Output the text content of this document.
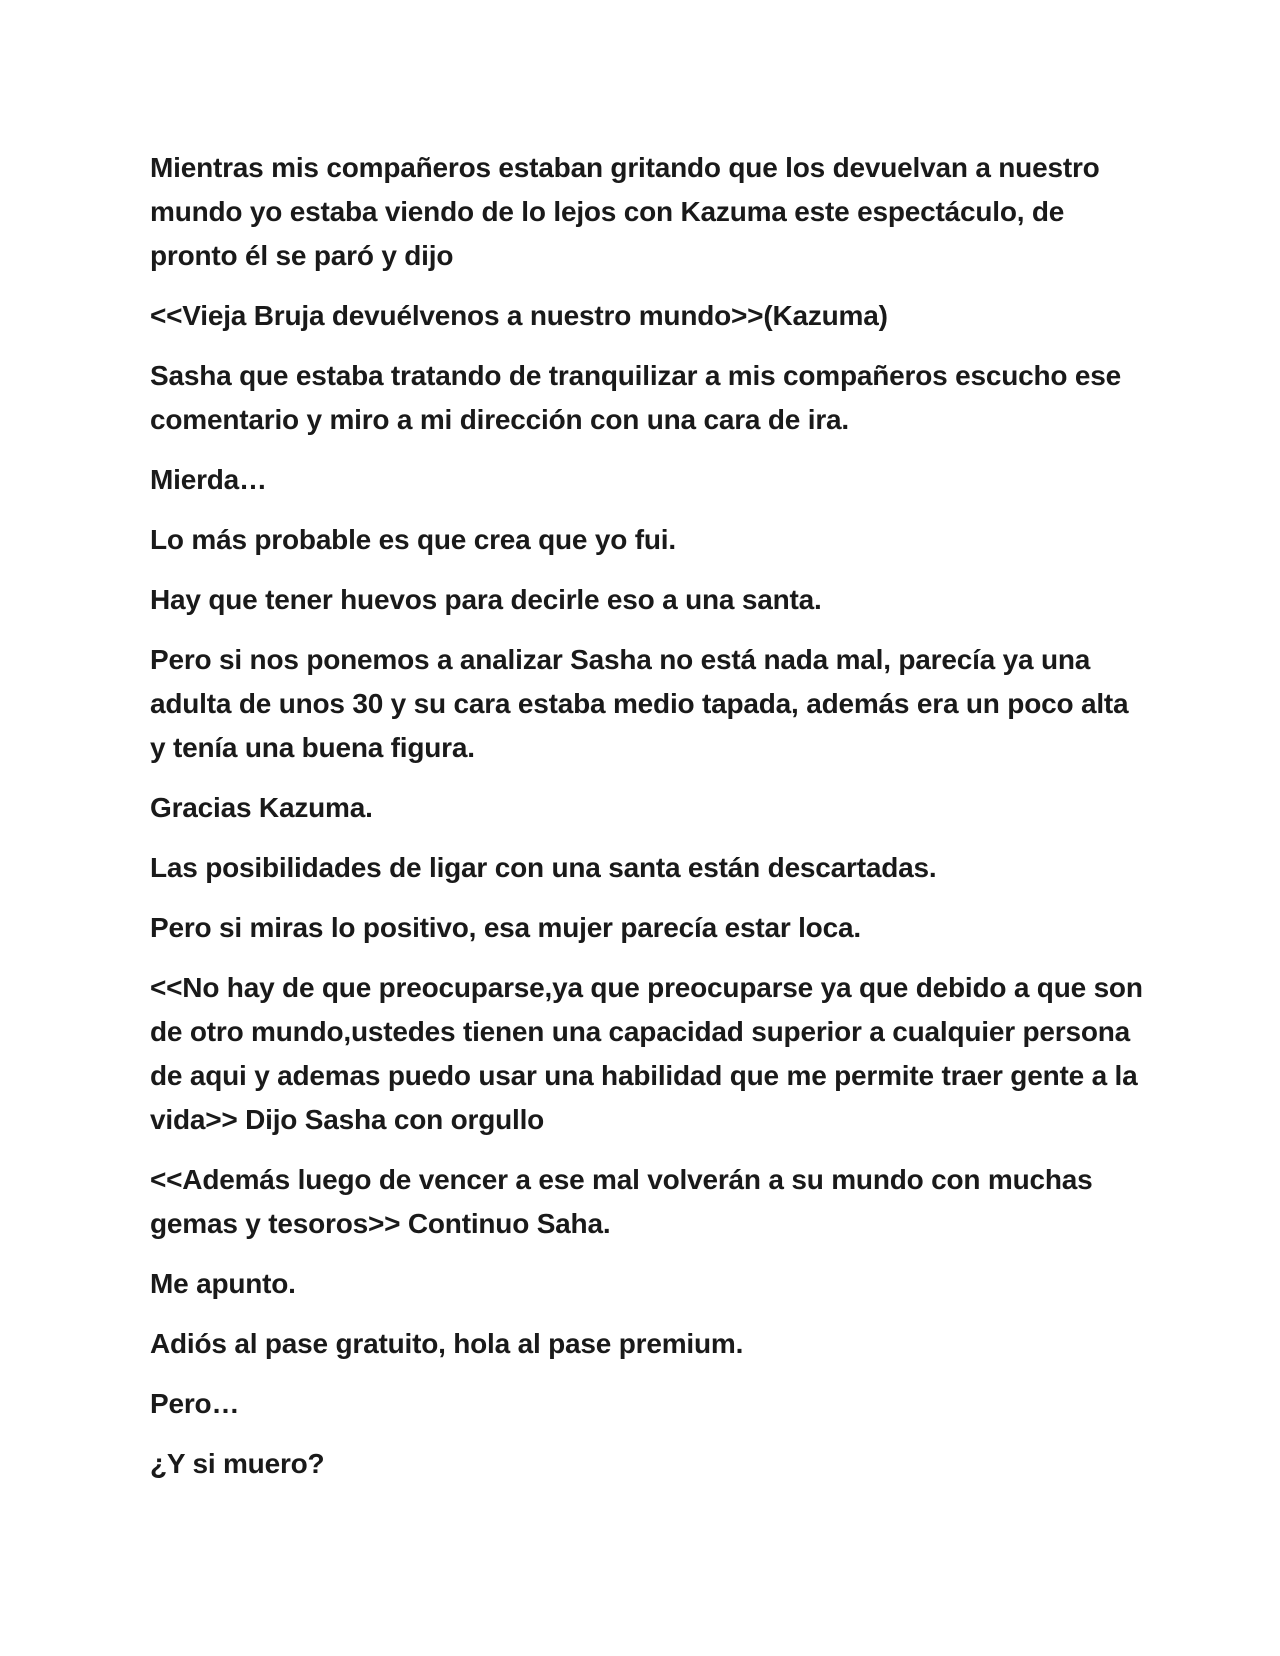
Mientras mis compañeros estaban gritando que los devuelvan a nuestro mundo yo estaba viendo de lo lejos con Kazuma este espectáculo, de pronto él se paró y dijo

<<Vieja Bruja devuélvenos a nuestro mundo>>(Kazuma)

Sasha que estaba tratando de tranquilizar a mis compañeros escucho ese comentario y miro a mi dirección con una cara de ira.

Mierda…

Lo más probable es que crea que yo fui.

Hay que tener huevos para decirle eso a una santa.

Pero si nos ponemos a analizar Sasha no está nada mal, parecía ya una adulta de unos 30 y su cara estaba medio tapada, además era un poco alta y tenía una buena figura.

Gracias Kazuma.

Las posibilidades de ligar con una santa están descartadas.

Pero si miras lo positivo, esa mujer parecía estar loca.

<<No hay de que preocuparse,ya que preocuparse ya que debido a que son de otro mundo,ustedes tienen una capacidad superior a cualquier persona de aqui y ademas puedo usar una habilidad que me permite traer gente a la vida>> Dijo Sasha con orgullo

<<Además luego de vencer a ese mal volverán a su mundo con muchas gemas y tesoros>> Continuo Saha.

Me apunto.

Adiós al pase gratuito, hola al pase premium.

Pero…

¿Y si muero?
